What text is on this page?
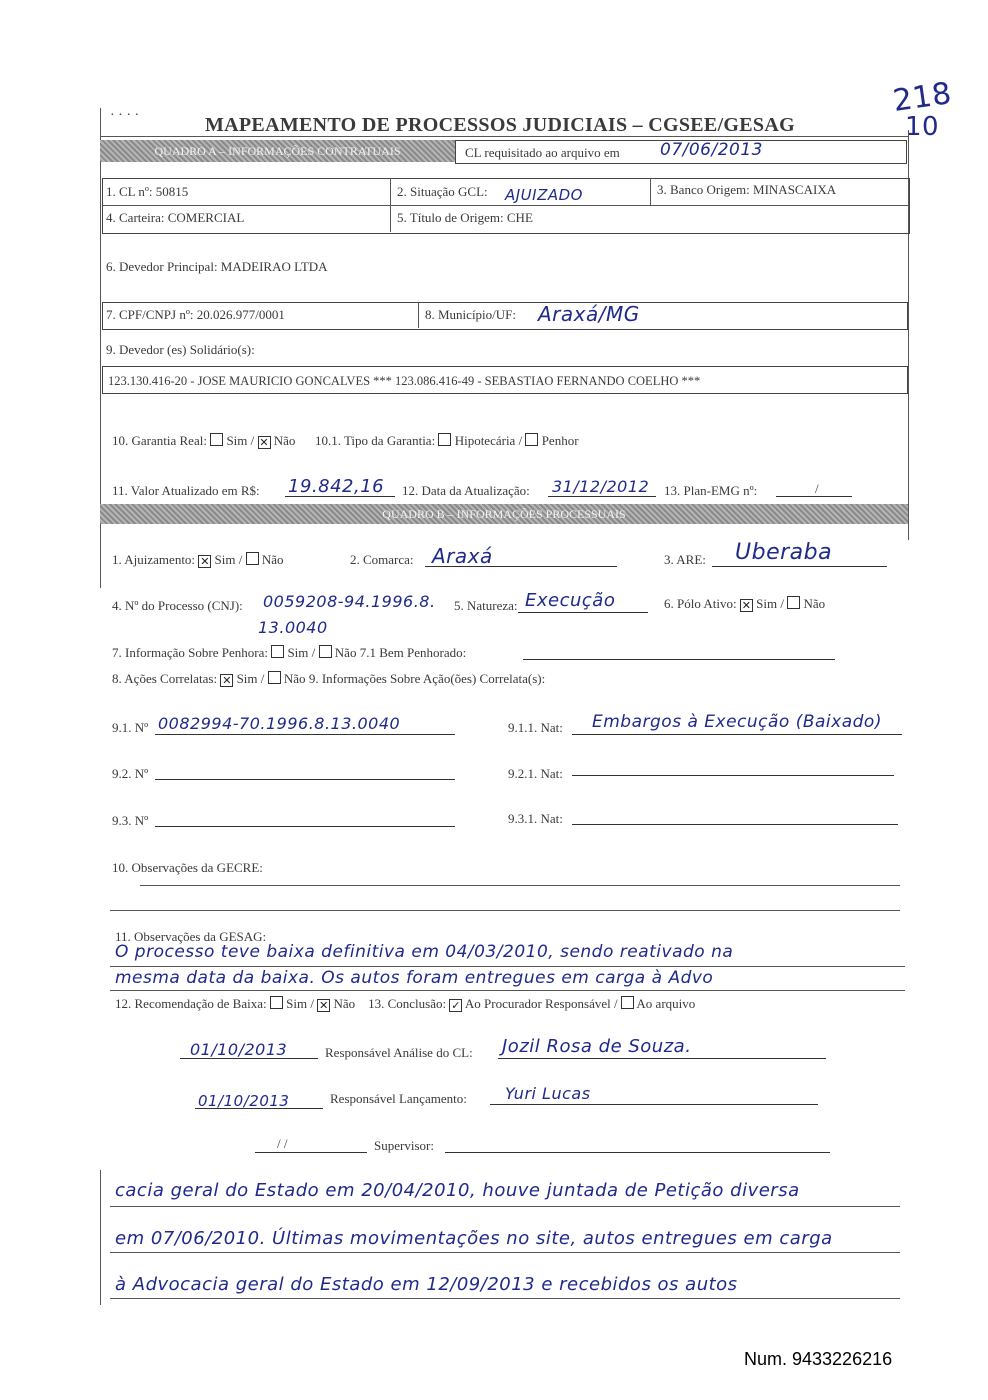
218
10
· · · ·	MAPEAMENTO DE PROCESSOS JUDICIAIS – CGSEE/GESAG
QUADRO A – INFORMAÇÕES CONTRATUAIS	CL requisitado ao arquivo em 07/06/2013
1. CL nº: 50815	2. Situação GCL: AJUIZADO	3. Banco Origem: MINASCAIXA
4. Carteira: COMERCIAL	5. Título de Origem: CHE
6. Devedor Principal: MADEIRAO LTDA
7. CPF/CNPJ nº: 20.026.977/0001	8. Município/UF: Araxá/MG
9. Devedor (es) Solidário(s):
123.130.416-20 - JOSE MAURICIO GONCALVES *** 123.086.416-49 - SEBASTIAO FERNANDO COELHO ***
10. Garantia Real: Sim / ✕ Não 10.1. Tipo da Garantia: Hipotecária / Penhor
11. Valor Atualizado em R$: 19.842,16 12. Data da Atualização: 31/12/2012 13. Plan-EMG nº:	/
QUADRO B – INFORMAÇÕES PROCESSUAIS
1. Ajuizamento: ✕ Sim / Não	2. Comarca: Araxá	3. ARE: Uberaba
4. Nº do Processo (CNJ): 0059208-94.1996.8.
13.0040
5. Natureza: Execução	6. Pólo Ativo: ✕ Sim / Não
7. Informação Sobre Penhora: Sim / Não 7.1 Bem Penhorado:
8. Ações Correlatas: ✕ Sim / Não 9. Informações Sobre Ação(ões) Correlata(s):
9.1. Nº 0082994-70.1996.8.13.0040	9.1.1. Nat: Embargos à Execução (Baixado)
9.2. Nº	9.2.1. Nat:
9.3. Nº	9.3.1. Nat:
10. Observações da GECRE:
11. Observações da GESAG:
O processo teve baixa definitiva em 04/03/2010, sendo reativado na
mesma data da baixa. Os autos foram entregues em carga à Advo
12. Recomendação de Baixa: Sim / ✕ Não 13. Conclusão: ✓ Ao Procurador Responsável / Ao arquivo
01/10/2013	Responsável Análise do CL: Jozil Rosa de Souza.
01/10/2013	Responsável Lançamento: Yuri Lucas
/ /	Supervisor:
cacia geral do Estado em 20/04/2010, houve juntada de Petição diversa
em 07/06/2010. Últimas movimentações no site, autos entregues em carga
à Advocacia geral do Estado em 12/09/2013 e recebidos os autos
Num. 9433226216
